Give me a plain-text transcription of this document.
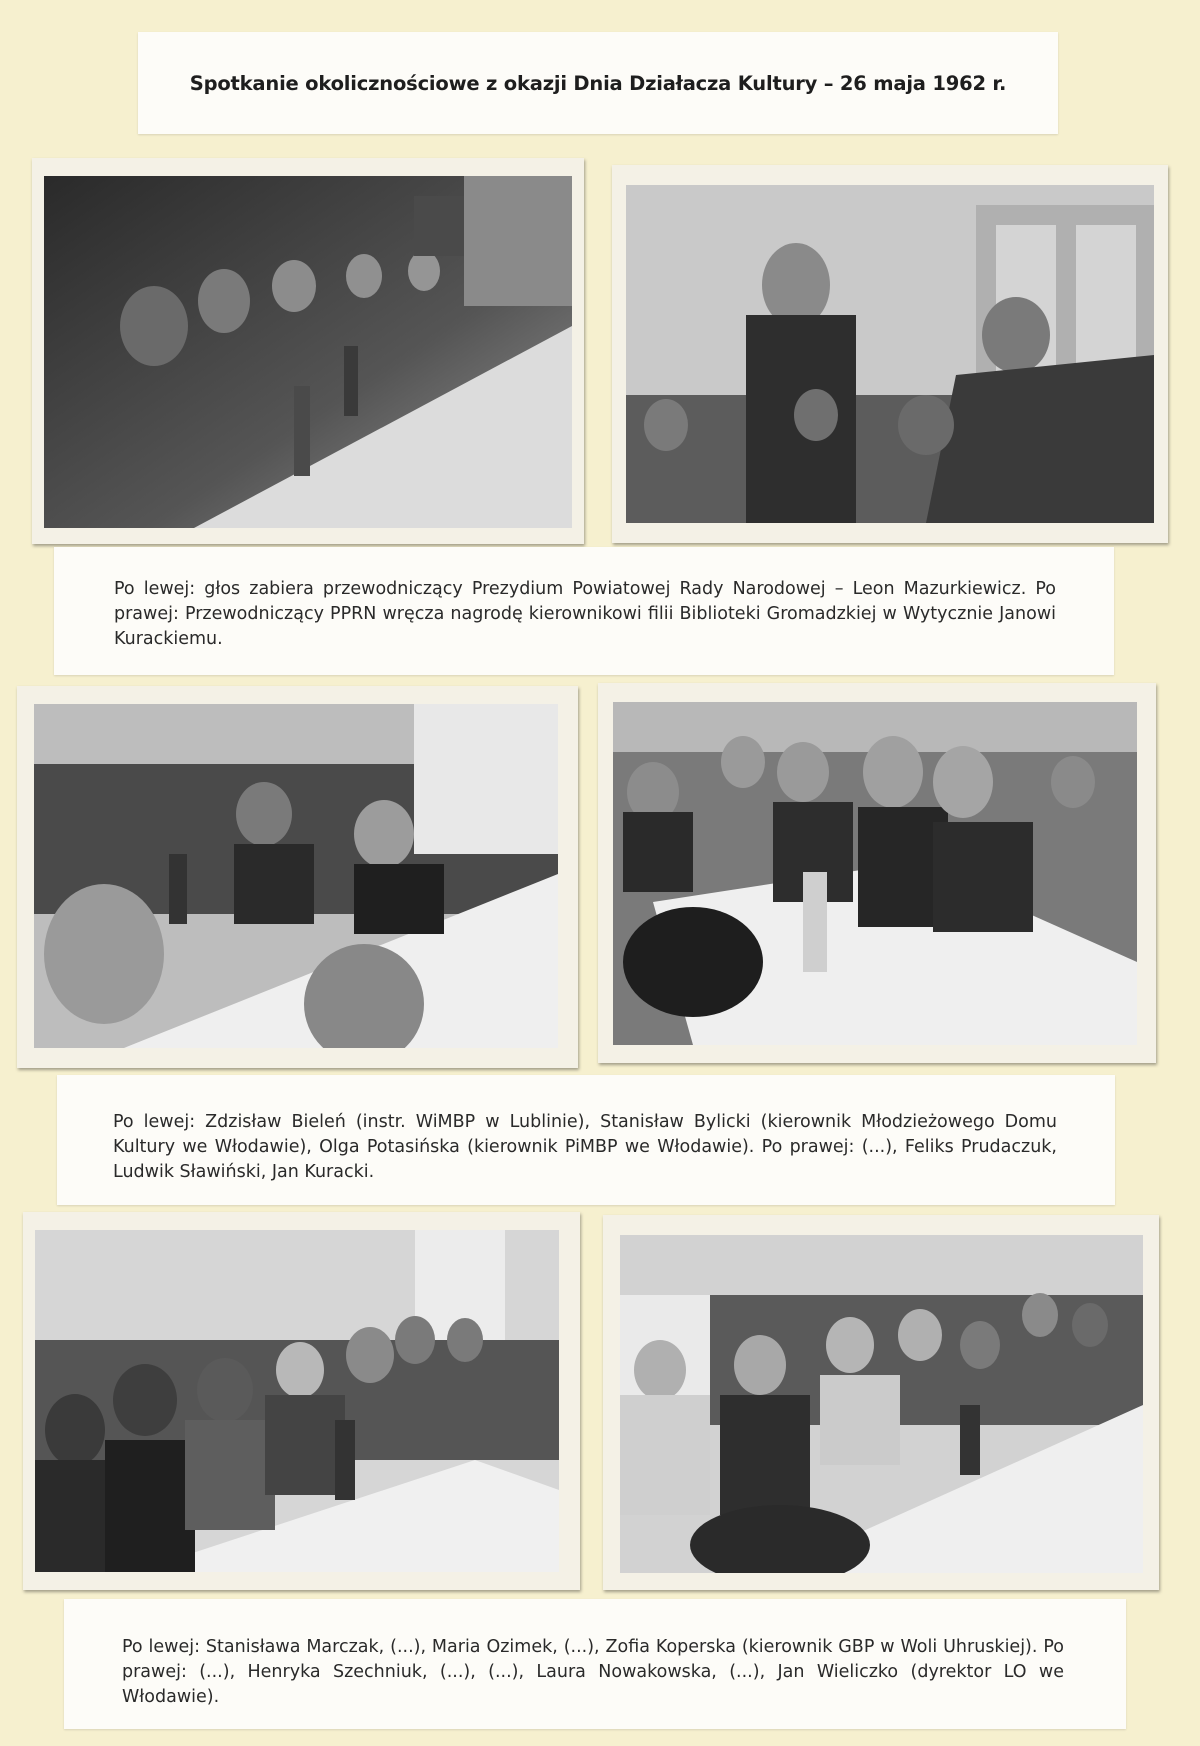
Spotkanie okolicznościowe z okazji Dnia Działacza Kultury – 26 maja 1962 r.
Po lewej: głos zabiera przewodniczący Prezydium Powiatowej Rady Narodowej – Leon Mazurkiewicz. Po prawej: Przewodniczący PPRN wręcza nagrodę kierownikowi filii Biblioteki Gromadzkiej w Wytycznie Janowi Kurackiemu.
Po lewej: Zdzisław Bieleń (instr. WiMBP w Lublinie), Stanisław Bylicki (kierownik Młodzieżowego Domu Kultury we Włodawie), Olga Potasińska (kierownik PiMBP we Włodawie). Po prawej: (...), Feliks Prudaczuk, Ludwik Sławiński, Jan Kuracki.
Po lewej: Stanisława Marczak, (...), Maria Ozimek, (...), Zofia Koperska (kierownik GBP w Woli Uhruskiej). Po prawej: (...), Henryka Szechniuk, (...), (...), Laura Nowakowska, (...), Jan Wieliczko (dyrektor LO we Włodawie).
